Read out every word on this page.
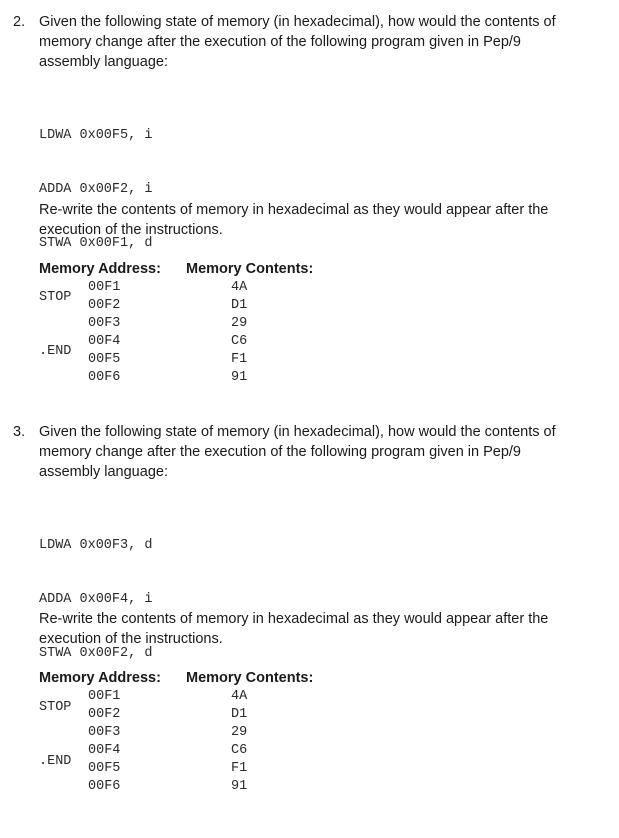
2. Given the following state of memory (in hexadecimal), how would the contents of memory change after the execution of the following program given in Pep/9 assembly language:

LDWA 0x00F5, i

ADDA 0x00F2, i

STWA 0x00F1, d

STOP

.END

Re-write the contents of memory in hexadecimal as they would appear after the execution of the instructions.

Memory Address: Memory Contents:
00F1
00F2
00F3
00F4
00F5
00F6
4A
D1
29
C6
F1
91
3. Given the following state of memory (in hexadecimal), how would the contents of memory change after the execution of the following program given in Pep/9 assembly language:

LDWA 0x00F3, d

ADDA 0x00F4, i

STWA 0x00F2, d

STOP

.END

Re-write the contents of memory in hexadecimal as they would appear after the execution of the instructions.

Memory Address: Memory Contents:
00F1
00F2
00F3
00F4
00F5
00F6
4A
D1
29
C6
F1
91
